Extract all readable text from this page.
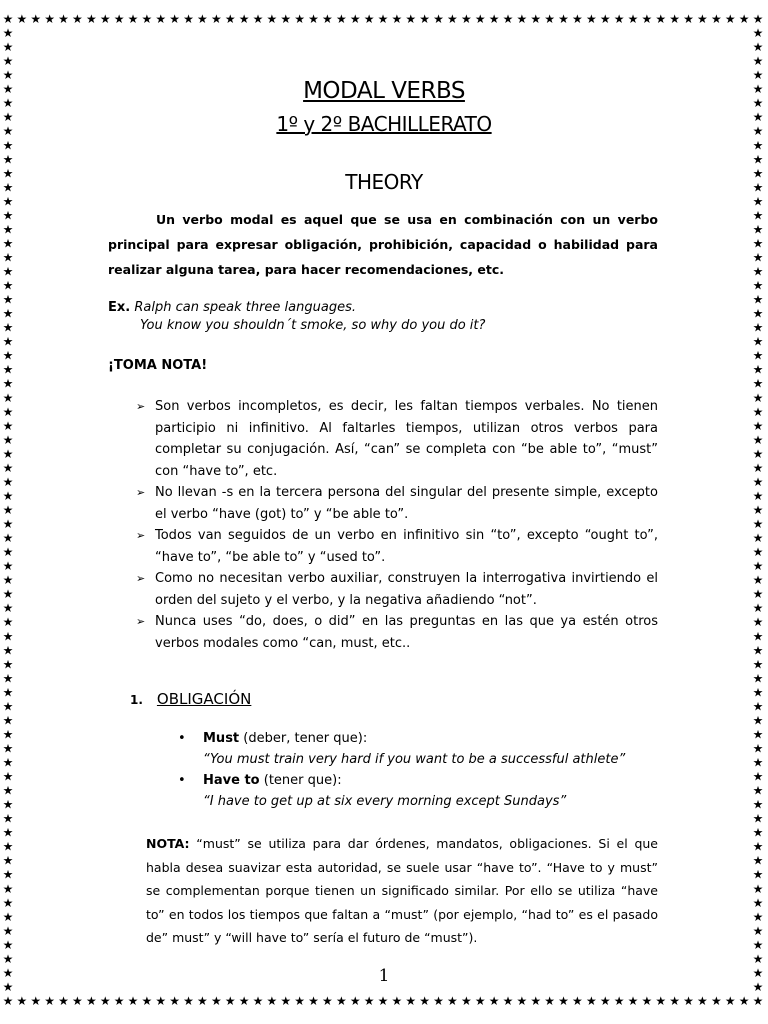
★
★
★
★
★
★
★
★
★
★
★
★
★
★
★
★
★
★
★
★
★
★
★
★
★
★
★
★
★
★
★
★
★
★
★
★
★
★
★
★
★
★
★
★
★
★
★
★
★
★
★
★
★
★
★
★
★
★
★
★
★
★
★
★
★
★
★
★
★
★
★
★
★
★
★
★
★
★
★
★
★
★
★
★
★
★
★
★
★
★
★
★
★
★
★
★
★
★
★
★
★
★
★
★
★
★
★
★
★
★
★	★
★	★
★	★
★	★
★	★
★	★
★	★
★	★
★	★
★	★
★	★
★	★
★	★
★	★
★	★
★	★
★	★
★	★
★	★
★	★
★	★
★	★
★	★
★	★
★	★
★	★
★	★
★	★
★	★
★	★
★	★
★	★
★	★
★	★
★	★
★	★
★	★
★	★
★	★
★	★
★	★
★	★
★	★
★	★
★	★
★	★
★	★
★	★
★	★
★	★
★	★
★	★
★	★
★	★
★	★
★	★
★	★
★	★
★	★
★	★
★	★
★	★
★	★
★	★
★	★
★	★
★	★
★	★
★	★
MODAL VERBS
1º y 2º BACHILLERATO
THEORY
Un verbo modal es aquel que se usa en combinación con un verbo principal para expresar obligación, prohibición, capacidad o habilidad para realizar alguna tarea, para hacer recomendaciones, etc.
Ex. Ralph can speak three languages.
You know you shouldn´t smoke, so why do you do it?
¡TOMA NOTA!
➢ Son verbos incompletos, es decir, les faltan tiempos verbales. No tienen participio ni infinitivo. Al faltarles tiempos, utilizan otros verbos para completar su conjugación. Así, “can” se completa con “be able to”, “must” con “have to”, etc.
➢ No llevan -s en la tercera persona del singular del presente simple, excepto el verbo “have (got) to” y “be able to”.
➢ Todos van seguidos de un verbo en infinitivo sin “to”, excepto “ought to”, “have to”, “be able to” y “used to”.
➢ Como no necesitan verbo auxiliar, construyen la interrogativa invirtiendo el orden del sujeto y el verbo, y la negativa añadiendo “not”.
➢ Nunca uses “do, does, o did” en las preguntas en las que ya estén otros verbos modales como “can, must, etc..
1. OBLIGACIÓN
• Must (deber, tener que):
“You must train very hard if you want to be a successful athlete”
• Have to (tener que):
“I have to get up at six every morning except Sundays”
NOTA: “must” se utiliza para dar órdenes, mandatos, obligaciones. Si el que habla desea suavizar esta autoridad, se suele usar “have to”. “Have to y must” se complementan porque tienen un significado similar. Por ello se utiliza “have to” en todos los tiempos que faltan a “must” (por ejemplo, “had to” es el pasado de” must” y “will have to” sería el futuro de “must”).
1
